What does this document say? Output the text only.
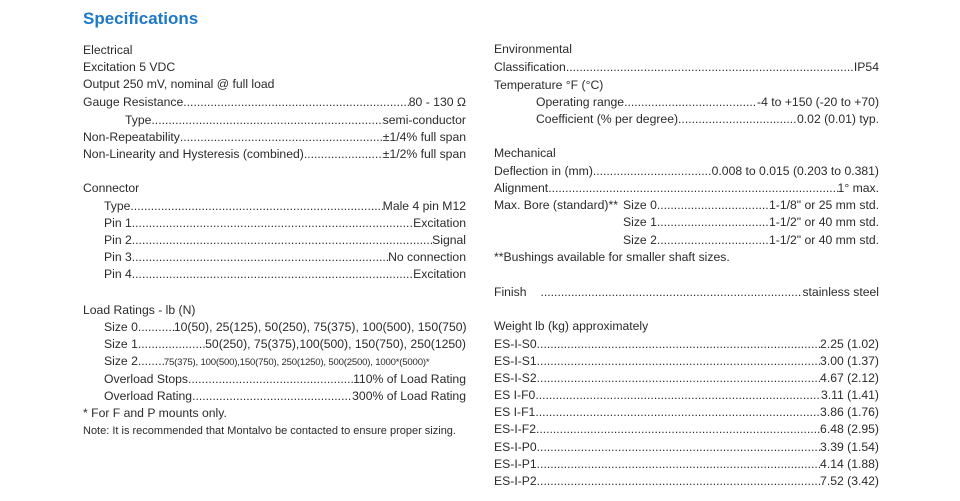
Specifications
Electrical
Excitation 5 VDC
Output 250 mV, nominal @ full load
Gauge Resistance .....	80 - 130 Ω
Type .....	semi-conductor
Non-Repeatability .....	±1/4% full span
Non-Linearity and Hysteresis (combined) .....	±1/2% full span
Connector
Type .....	Male 4 pin M12
Pin 1 .....	Excitation
Pin 2 .....	Signal
Pin 3 .....	No connection
Pin 4 .....	Excitation
Load Ratings - lb (N)
Size 0 .....	10(50), 25(125), 50(250), 75(375), 100(500), 150(750)
Size 1 .....	50(250), 75(375),100(500), 150(750), 250(1250)
Size 2 .....	75(375), 100(500),150(750), 250(1250), 500(2500), 1000*(5000)*
Overload Stops .....	110% of Load Rating
Overload Rating .....	300% of Load Rating
* For F and P mounts only.
Note: It is recommended that Montalvo be contacted to ensure proper sizing.
Environmental
Classification .....	IP54
Temperature °F (°C)
Operating range .....	-4 to +150 (-20 to +70)
Coefficient (% per degree) .....	0.02 (0.01) typ.
Mechanical
Deflection in (mm) .....	0.008 to 0.015 (0.203 to 0.381)
Alignment .....	1° max.
Max. Bore (standard)** Size 0 .....	1-1/8" or 25 mm std.
Size 1 .....	1-1/2" or 40 mm std.
Size 2 .....	1-1/2" or 40 mm std.
**Bushings available for smaller shaft sizes.
Finish .....	stainless steel
Weight lb (kg) approximately
ES-I-S0 .....	2.25 (1.02)
ES-I-S1 .....	3.00 (1.37)
ES-I-S2 .....	4.67 (2.12)
ES I-F0 .....	3.11 (1.41)
ES I-F1 .....	3.86 (1.76)
ES-I-F2 .....	6.48 (2.95)
ES-I-P0 .....	3.39 (1.54)
ES-I-P1 .....	4.14 (1.88)
ES-I-P2 .....	7.52 (3.42)
